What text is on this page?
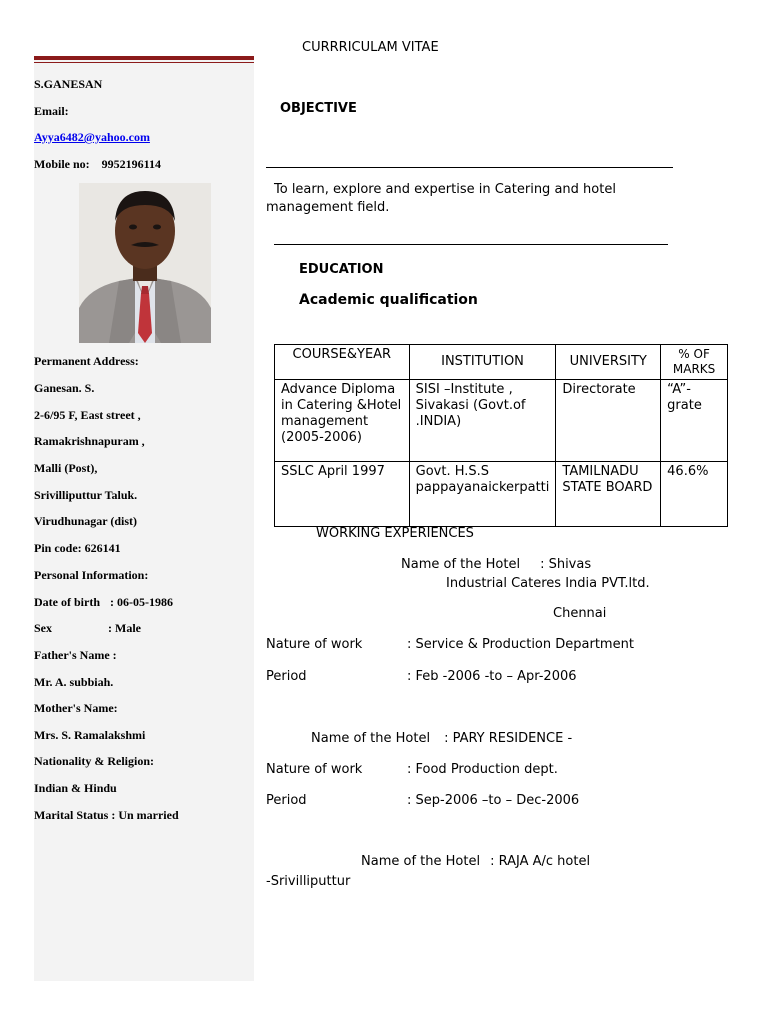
CURRRICULAM VITAE
S.GANESAN
Email:
Ayya6482@yahoo.com
Mobile no: 9952196114
Permanent Address:
Ganesan. S.
2-6/95 F, East street ,
Ramakrishnapuram ,
Malli (Post),
Srivilliputtur Taluk.
Virudhunagar (dist)
Pin code: 626141
Personal Information:
Date of birth : 06-05-1986
Sex	: Male
Father's Name :
Mr. A. subbiah.
Mother's Name:
Mrs. S. Ramalakshmi
Nationality & Religion:
Indian & Hindu
Marital Status : Un married
OBJECTIVE
To learn, explore and expertise in Catering and hotel
management field.
EDUCATION
Academic qualification
COURSE&YEAR	INSTITUTION	UNIVERSITY	% OF MARKS
Advance Diploma in Catering &Hotel management (2005-2006)	SISI –Institute , Sivakasi (Govt.of .INDIA)	Directorate	“A”- grate
SSLC April 1997	Govt. H.S.S pappayanaickerpatti	TAMILNADU STATE BOARD	46.6%
WORKING EXPERIENCES
Name of the Hotel : Shivas
Industrial Cateres India PVT.ltd.
Chennai
Nature of work	: Service & Production Department
Period	: Feb -2006 -to – Apr-2006
Name of the Hotel : PARY RESIDENCE -
Nature of work	: Food Production dept.
Period	: Sep-2006 –to – Dec-2006
Name of the Hotel : RAJA A/c hotel
-Srivilliputtur
